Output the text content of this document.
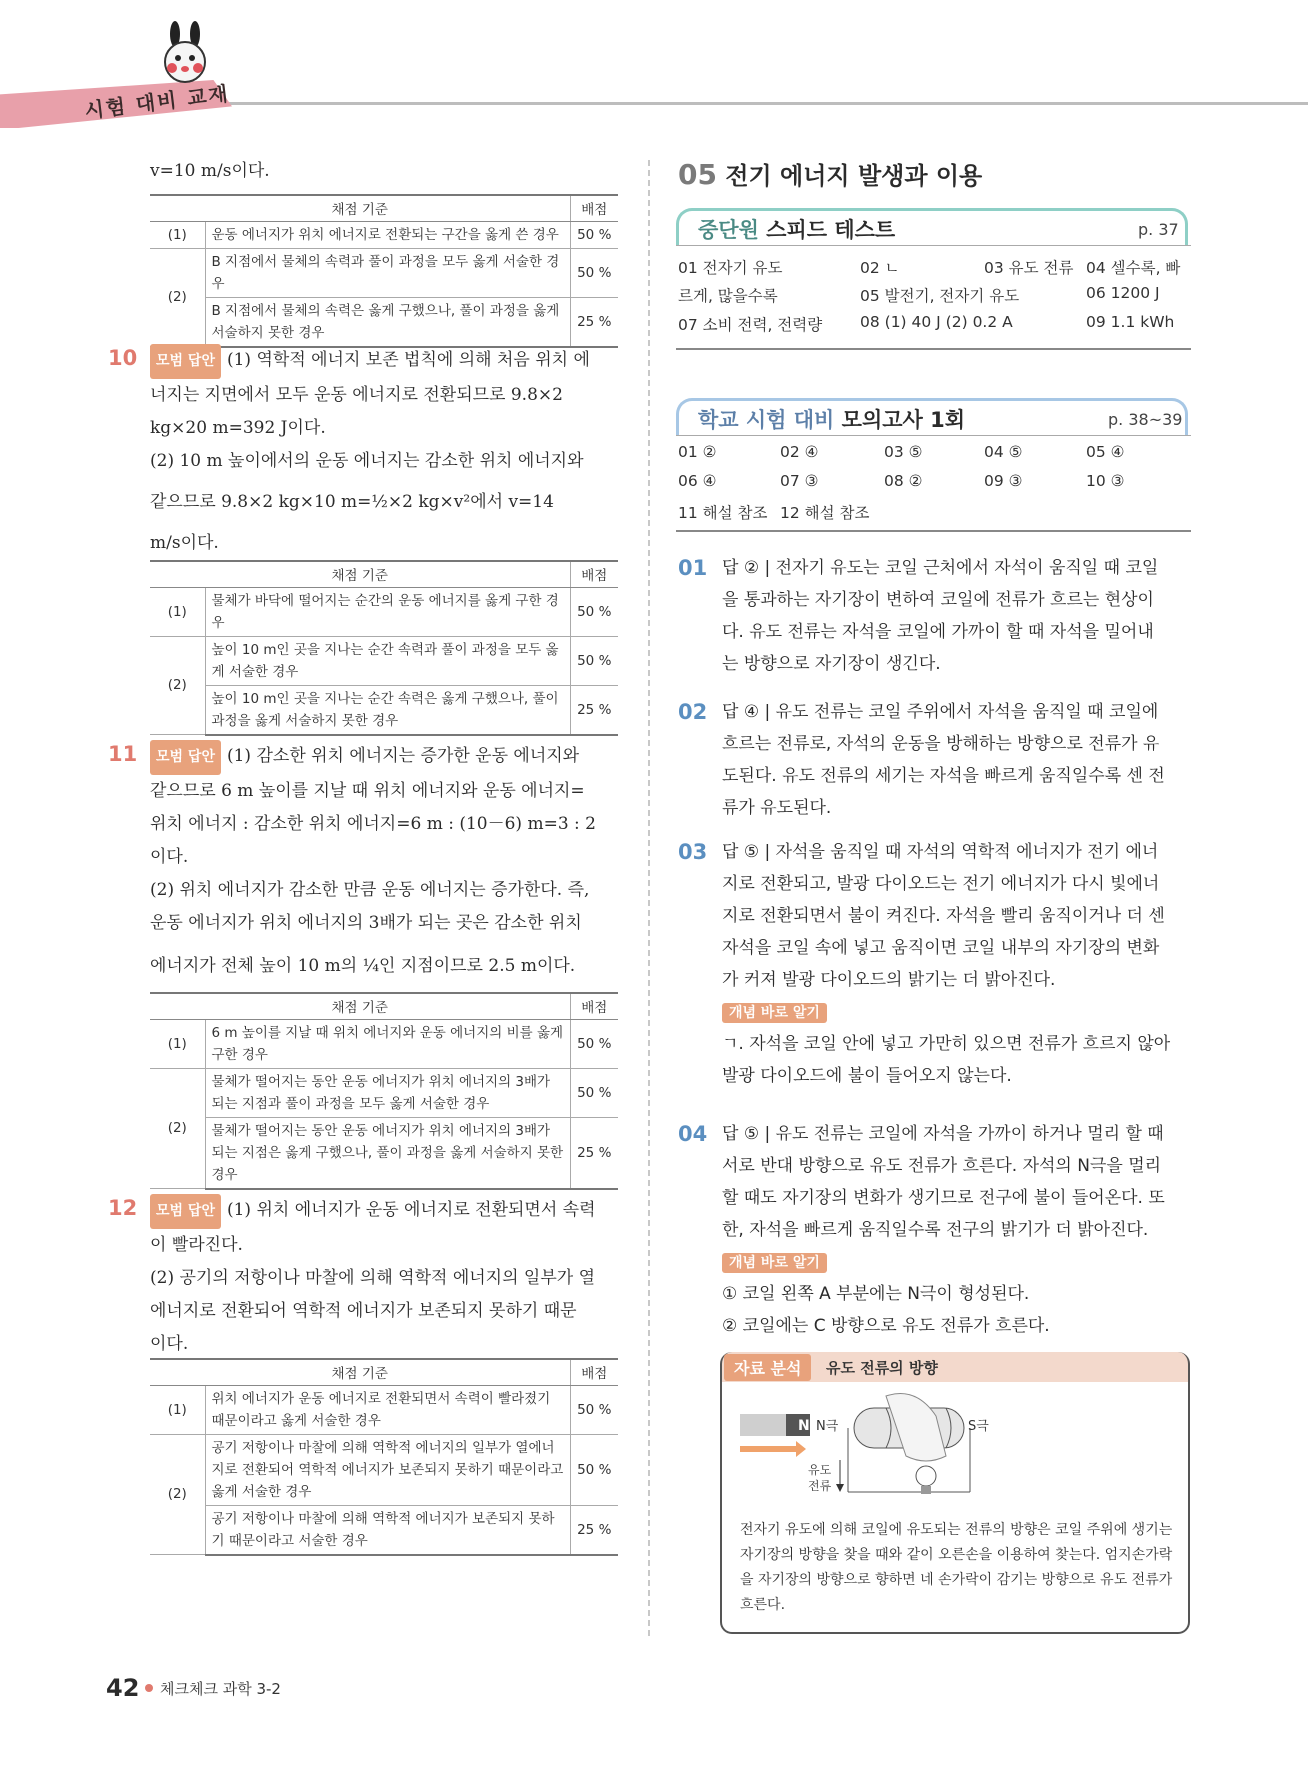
시험 대비 교재
v=10 m/s이다.
채점 기준		배점
(1)	운동 에너지가 위치 에너지로 전환되는 구간을 옳게 쓴 경우	50 %
(2)	B 지점에서 물체의 속력과 풀이 과정을 모두 옳게 서술한 경우	50 %
	B 지점에서 물체의 속력은 옳게 구했으나, 풀이 과정을 옳게 서술하지 못한 경우	25 %
10	모범 답안 (1) 역학적 에너지 보존 법칙에 의해 처음 위치 에
너지는 지면에서 모두 운동 에너지로 전환되므로 9.8×2
kg×20 m=392 J이다.
(2) 10 m 높이에서의 운동 에너지는 감소한 위치 에너지와
같으므로 9.8×2 kg×10 m=½×2 kg×v²에서 v=14
m/s이다.
채점 기준		배점
(1)	물체가 바닥에 떨어지는 순간의 운동 에너지를 옳게 구한 경우	50 %
(2)	높이 10 m인 곳을 지나는 순간 속력과 풀이 과정을 모두 옳게 서술한 경우	50 %
	높이 10 m인 곳을 지나는 순간 속력은 옳게 구했으나, 풀이 과정을 옳게 서술하지 못한 경우	25 %
11	모범 답안 (1) 감소한 위치 에너지는 증가한 운동 에너지와
같으므로 6 m 높이를 지날 때 위치 에너지와 운동 에너지=
위치 에너지 : 감소한 위치 에너지=6 m : (10－6) m=3 : 2
이다.
(2) 위치 에너지가 감소한 만큼 운동 에너지는 증가한다. 즉,
운동 에너지가 위치 에너지의 3배가 되는 곳은 감소한 위치
에너지가 전체 높이 10 m의 ¼인 지점이므로 2.5 m이다.
채점 기준		배점
(1)	6 m 높이를 지날 때 위치 에너지와 운동 에너지의 비를 옳게 구한 경우	50 %
(2)	물체가 떨어지는 동안 운동 에너지가 위치 에너지의 3배가 되는 지점과 풀이 과정을 모두 옳게 서술한 경우	50 %
	물체가 떨어지는 동안 운동 에너지가 위치 에너지의 3배가 되는 지점은 옳게 구했으나, 풀이 과정을 옳게 서술하지 못한 경우	25 %
12	모범 답안 (1) 위치 에너지가 운동 에너지로 전환되면서 속력
이 빨라진다.
(2) 공기의 저항이나 마찰에 의해 역학적 에너지의 일부가 열
에너지로 전환되어 역학적 에너지가 보존되지 못하기 때문
이다.
채점 기준		배점
(1)	위치 에너지가 운동 에너지로 전환되면서 속력이 빨라졌기 때문이라고 옳게 서술한 경우	50 %
(2)	공기 저항이나 마찰에 의해 역학적 에너지의 일부가 열에너지로 전환되어 역학적 에너지가 보존되지 못하기 때문이라고 옳게 서술한 경우	50 %
	공기 저항이나 마찰에 의해 역학적 에너지가 보존되지 못하기 때문이라고 서술한 경우	25 %
05 전기 에너지 발생과 이용
중단원 스피드 테스트	p. 37
01 전자기 유도	02 ㄴ	03 유도 전류 04 셀수록, 빠
르게, 많을수록	05 발전기, 전자기 유도	06 1200 J
07 소비 전력, 전력량 08 (1) 40 J (2) 0.2 A	09 1.1 kWh
학교 시험 대비 모의고사 1회	p. 38~39
01 ②	02 ④	03 ⑤	04 ⑤	05 ④
06 ④	07 ③	08 ②	09 ③	10 ③
11 해설 참조 12 해설 참조
01 답 ② | 전자기 유도는 코일 근처에서 자석이 움직일 때 코일
을 통과하는 자기장이 변하여 코일에 전류가 흐르는 현상이
다. 유도 전류는 자석을 코일에 가까이 할 때 자석을 밀어내
는 방향으로 자기장이 생긴다.
02 답 ④ | 유도 전류는 코일 주위에서 자석을 움직일 때 코일에
흐르는 전류로, 자석의 운동을 방해하는 방향으로 전류가 유
도된다. 유도 전류의 세기는 자석을 빠르게 움직일수록 센 전
류가 유도된다.
03 답 ⑤ | 자석을 움직일 때 자석의 역학적 에너지가 전기 에너
지로 전환되고, 발광 다이오드는 전기 에너지가 다시 빛에너
지로 전환되면서 불이 켜진다. 자석을 빨리 움직이거나 더 센
자석을 코일 속에 넣고 움직이면 코일 내부의 자기장의 변화
가 커져 발광 다이오드의 밝기는 더 밝아진다.
개념 바로 알기
ㄱ. 자석을 코일 안에 넣고 가만히 있으면 전류가 흐르지 않아
발광 다이오드에 불이 들어오지 않는다.
04 답 ⑤ | 유도 전류는 코일에 자석을 가까이 하거나 멀리 할 때
서로 반대 방향으로 유도 전류가 흐른다. 자석의 N극을 멀리
할 때도 자기장의 변화가 생기므로 전구에 불이 들어온다. 또
한, 자석을 빠르게 움직일수록 전구의 밝기가 더 밝아진다.
개념 바로 알기
① 코일 왼쪽 A 부분에는 N극이 형성된다.
② 코일에는 C 방향으로 유도 전류가 흐른다.
자료 분석	유도 전류의 방향
N N극	S극
유도
전류
전자기 유도에 의해 코일에 유도되는 전류의 방향은 코일 주위에 생기는 자기장의 방향을 찾을 때와 같이 오른손을 이용하여 찾는다. 엄지손가락을 자기장의 방향으로 향하면 네 손가락이 감기는 방향으로 유도 전류가 흐른다.
42 체크체크 과학 3-2
